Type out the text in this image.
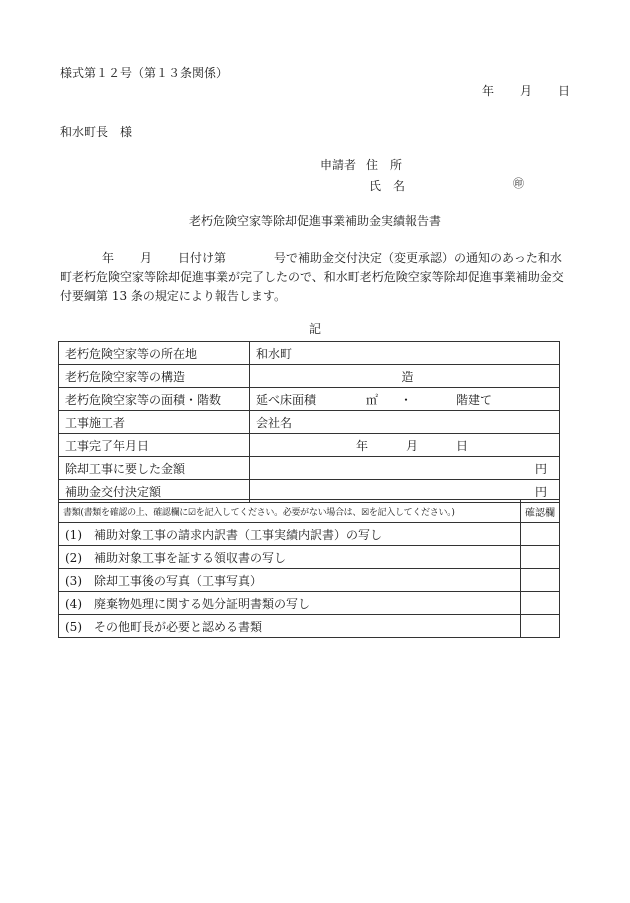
様式第１２号（第１３条関係）
年 月 日
和水町長　様
申請者 住　所
氏　名	㊞
老朽危険空家等除却促進事業補助金実績報告書
年 月 日付け第	号で補助金交付決定（変更承認）の通知のあった和水町老朽危険空家等除却促進事業が完了したので、和水町老朽危険空家等除却促進事業補助金交付要綱第 13 条の規定により報告します。
記
老朽危険空家等の所在地	和水町
老朽危険空家等の構造	造
老朽危険空家等の面積・階数	延べ床面積 ㎡ ・ 階建て
工事施工者	会社名
工事完了年月日	年 月 日
除却工事に要した金額	円
補助金交付決定額	円
書類(書類を確認の上、確認欄に☑を記入してください。必要がない場合は、☒を記入してください。)	確認欄
(1)　補助対象工事の請求内訳書（工事実績内訳書）の写し	
(2)　補助対象工事を証する領収書の写し	
(3)　除却工事後の写真（工事写真）	
(4)　廃棄物処理に関する処分証明書類の写し	
(5)　その他町長が必要と認める書類	
